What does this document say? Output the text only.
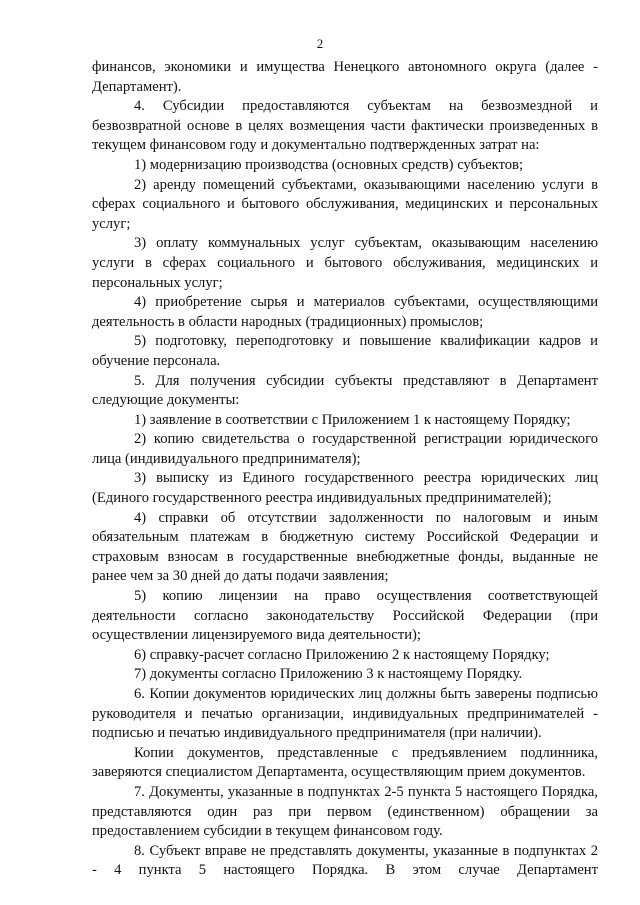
2

финансов, экономики и имущества Ненецкого автономного округа (далее - Департамент).

4. Субсидии предоставляются субъектам на безвозмездной и безвозвратной основе в целях возмещения части фактически произведенных в текущем финансовом году и документально подтвержденных затрат на:

1) модернизацию производства (основных средств) субъектов;

2) аренду помещений субъектами, оказывающими населению услуги в сферах социального и бытового обслуживания, медицинских и персональных услуг;

3) оплату коммунальных услуг субъектам, оказывающим населению услуги в сферах социального и бытового обслуживания, медицинских и персональных услуг;

4) приобретение сырья и материалов субъектами, осуществляющими деятельность в области народных (традиционных) промыслов;

5) подготовку, переподготовку и повышение квалификации кадров и обучение персонала.

5. Для получения субсидии субъекты представляют в Департамент следующие документы:

1) заявление в соответствии с Приложением 1 к настоящему Порядку;

2) копию свидетельства о государственной регистрации юридического лица (индивидуального предпринимателя);

3) выписку из Единого государственного реестра юридических лиц (Единого государственного реестра индивидуальных предпринимателей);

4) справки об отсутствии задолженности по налоговым и иным обязательным платежам в бюджетную систему Российской Федерации и страховым взносам в государственные внебюджетные фонды, выданные не ранее чем за 30 дней до даты подачи заявления;

5) копию лицензии на право осуществления соответствующей деятельности согласно законодательству Российской Федерации (при осуществлении лицензируемого вида деятельности);

6) справку-расчет согласно Приложению 2 к настоящему Порядку;

7) документы согласно Приложению 3 к настоящему Порядку.

6. Копии документов юридических лиц должны быть заверены подписью руководителя и печатью организации, индивидуальных предпринимателей - подписью и печатью индивидуального предпринимателя (при наличии).

Копии документов, представленные с предъявлением подлинника, заверяются специалистом Департамента, осуществляющим прием документов.

7. Документы, указанные в подпунктах 2-5 пункта 5 настоящего Порядка, представляются один раз при первом (единственном) обращении за предоставлением субсидии в текущем финансовом году.

8. Субъект вправе не представлять документы, указанные в подпунктах 2 - 4 пункта 5 настоящего Порядка. В этом случае Департамент
